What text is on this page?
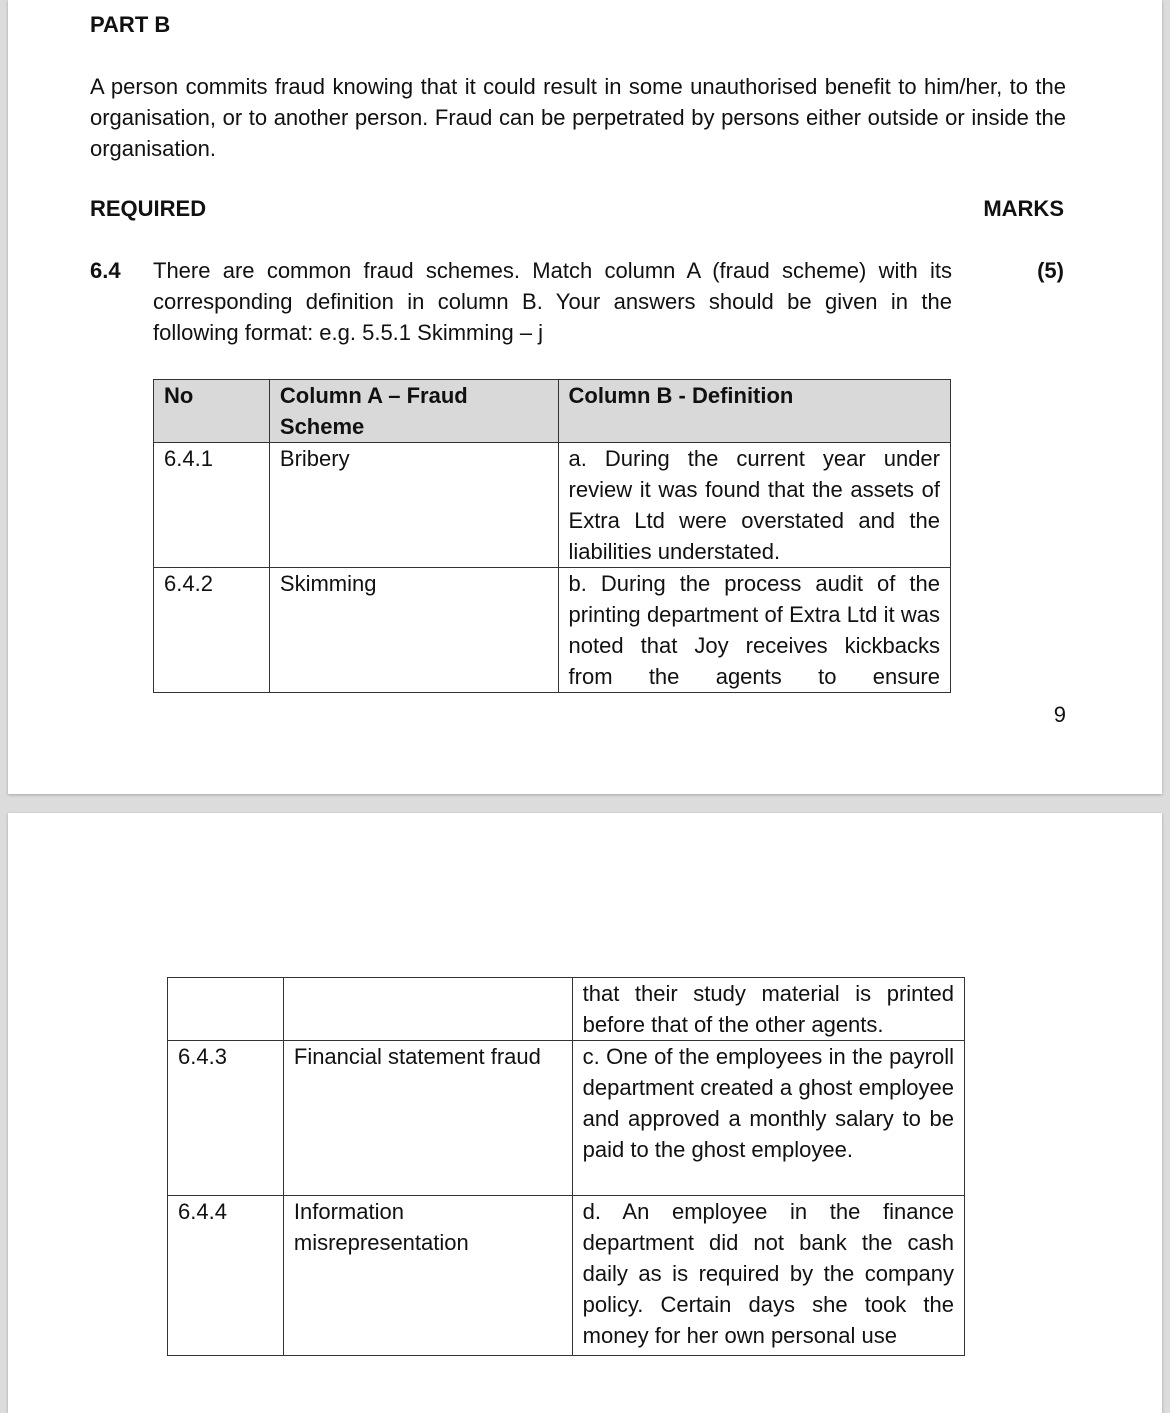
PART B
A person commits fraud knowing that it could result in some unauthorised benefit to him/her, to the organisation, or to another person. Fraud can be perpetrated by persons either outside or inside the organisation.
REQUIRED	MARKS
6.4 There are common fraud schemes. Match column A (fraud scheme) with its corresponding definition in column B. Your answers should be given in the following format: e.g. 5.5.1 Skimming – j
(5)
No	Column A – Fraud Scheme	Column B - Definition
6.4.1	Bribery	a. During the current year under review it was found that the assets of Extra Ltd were overstated and the liabilities understated.
6.4.2	Skimming	b. During the process audit of the printing department of Extra Ltd it was noted that Joy receives kickbacks from the agents to ensure
9
		that their study material is printed before that of the other agents.
6.4.3	Financial statement fraud	c. One of the employees in the payroll department created a ghost employee and approved a monthly salary to be paid to the ghost employee.
6.4.4	Information misrepresentation	d. An employee in the finance department did not bank the cash daily as is required by the company policy. Certain days she took the money for her own personal use
